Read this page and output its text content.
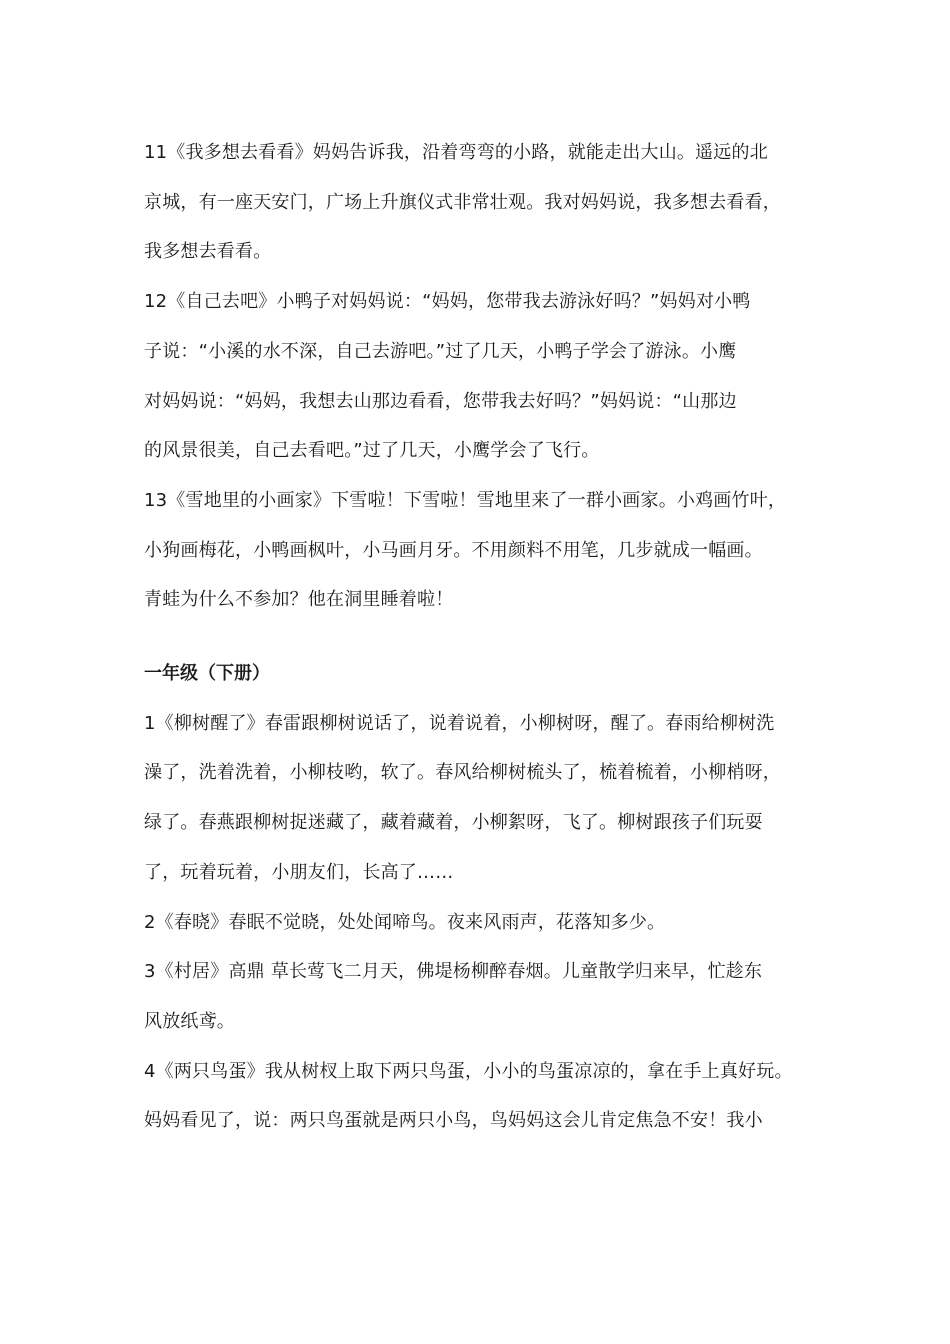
11《我多想去看看》妈妈告诉我，沿着弯弯的小路，就能走出大山。遥远的北
京城，有一座天安门，广场上升旗仪式非常壮观。我对妈妈说，我多想去看看，
我多想去看看。
12《自己去吧》小鸭子对妈妈说：“妈妈，您带我去游泳好吗？”妈妈对小鸭
子说：“小溪的水不深，自己去游吧。”过了几天，小鸭子学会了游泳。小鹰
对妈妈说：“妈妈，我想去山那边看看，您带我去好吗？”妈妈说：“山那边
的风景很美，自己去看吧。”过了几天，小鹰学会了飞行。
13《雪地里的小画家》下雪啦！下雪啦！雪地里来了一群小画家。小鸡画竹叶，
小狗画梅花，小鸭画枫叶，小马画月牙。不用颜料不用笔，几步就成一幅画。
青蛙为什么不参加？他在洞里睡着啦！
一年级（下册）
1《柳树醒了》春雷跟柳树说话了，说着说着，小柳树呀，醒了。春雨给柳树洗
澡了，洗着洗着，小柳枝哟，软了。春风给柳树梳头了，梳着梳着，小柳梢呀，
绿了。春燕跟柳树捉迷藏了，藏着藏着，小柳絮呀，飞了。柳树跟孩子们玩耍
了，玩着玩着，小朋友们，长高了……
2《春晓》春眠不觉晓，处处闻啼鸟。夜来风雨声，花落知多少。
3《村居》高鼎 草长莺飞二月天，佛堤杨柳醉春烟。儿童散学归来早，忙趁东
风放纸鸢。
4《两只鸟蛋》我从树杈上取下两只鸟蛋，小小的鸟蛋凉凉的，拿在手上真好玩。
妈妈看见了，说：两只鸟蛋就是两只小鸟，鸟妈妈这会儿肯定焦急不安！我小
